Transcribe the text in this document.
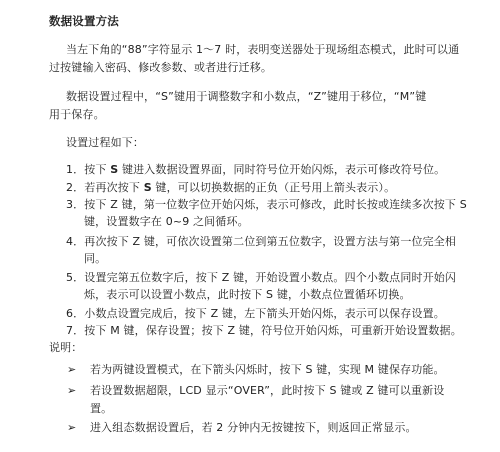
数据设置方法
当左下角的“88”字符显示 1～7 时，表明变送器处于现场组态模式，此时可以通
过按键输入密码、修改参数、或者进行迁移。
数据设置过程中，“S”键用于调整数字和小数点，“Z”键用于移位，“M”键
用于保存。
设置过程如下：
1．按下 S 键进入数据设置界面，同时符号位开始闪烁，表示可修改符号位。
2．若再次按下 S 键，可以切换数据的正负（正号用上箭头表示）。
3．按下 Z 键，第一位数字位开始闪烁，表示可修改，此时长按或连续多次按下 S
键，设置数字在 0~9 之间循环。
4．再次按下 Z 键，可依次设置第二位到第五位数字，设置方法与第一位完全相
同。
5．设置完第五位数字后，按下 Z 键，开始设置小数点。四个小数点同时开始闪
烁，表示可以设置小数点，此时按下 S 键，小数点位置循环切换。
6．小数点设置完成后，按下 Z 键，左下箭头开始闪烁，表示可以保存设置。
7．按下 M 键，保存设置；按下 Z 键，符号位开始闪烁，可重新开始设置数据。
说明：
➢ 若为两键设置模式，在下箭头闪烁时，按下 S 键，实现 M 键保存功能。
➢ 若设置数据超限，LCD 显示“OVER”，此时按下 S 键或 Z 键可以重新设
置。
➢ 进入组态数据设置后，若 2 分钟内无按键按下，则返回正常显示。
